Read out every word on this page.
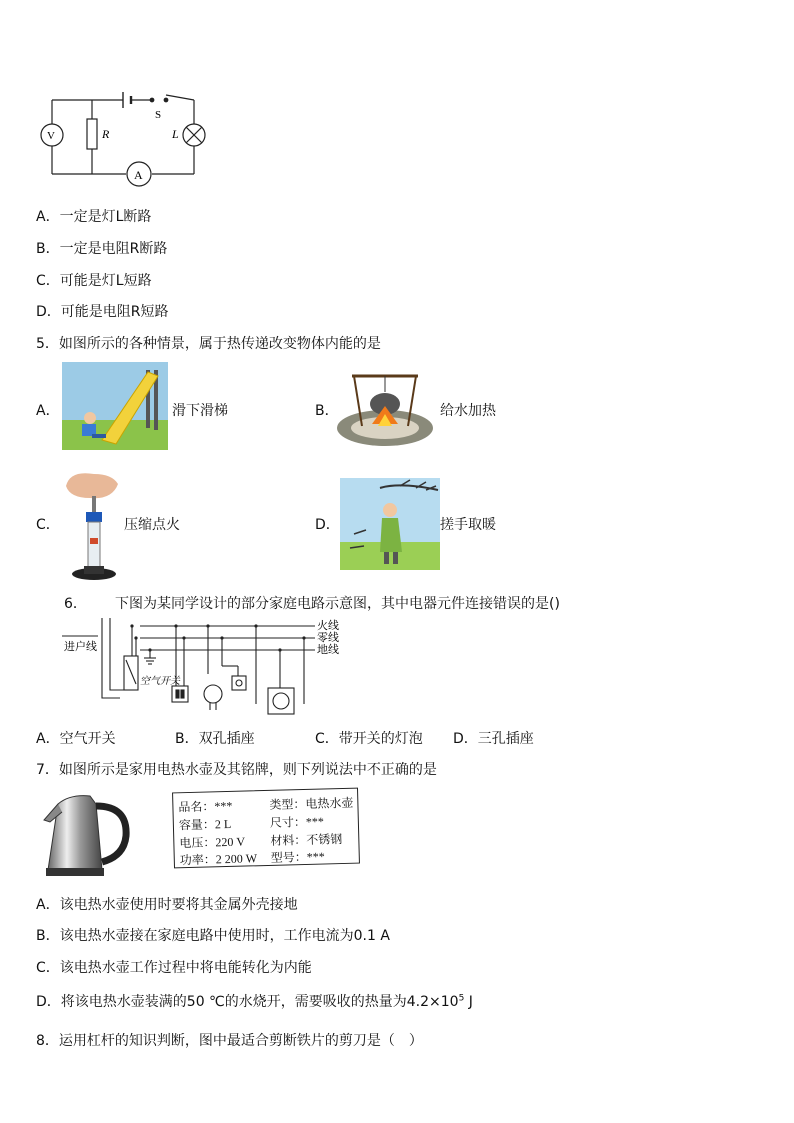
S
R	L
V
A
A．一定是灯L断路
B．一定是电阻R断路
C．可能是灯L短路
D．可能是电阻R短路
5．如图所示的各种情景，属于热传递改变物体内能的是
A．	滑下滑梯	B．	给水加热
C．	压缩点火	D．	搓手取暖
6． 下图为某同学设计的部分家庭电路示意图，其中电器元件连接错误的是()
进户线
火线
零线
地线
空气开关
A．空气开关	B．双孔插座	C．带开关的灯泡 D．三孔插座
7．如图所示是家用电热水壶及其铭牌，则下列说法中不正确的是
品名：***	类型：电热水壶
容量：2 L	尺寸：***
电压：220 V 材料：不锈钢
功率：2 200 W 型号：***
A．该电热水壶使用时要将其金属外壳接地
B．该电热水壶接在家庭电路中使用时，工作电流为0.1 A
C．该电热水壶工作过程中将电能转化为内能
D．将该电热水壶装满的50 ℃的水烧开，需要吸收的热量为$4.2\times 10^5$ J
8．运用杠杆的知识判断，图中最适合剪断铁片的剪刀是（　）
